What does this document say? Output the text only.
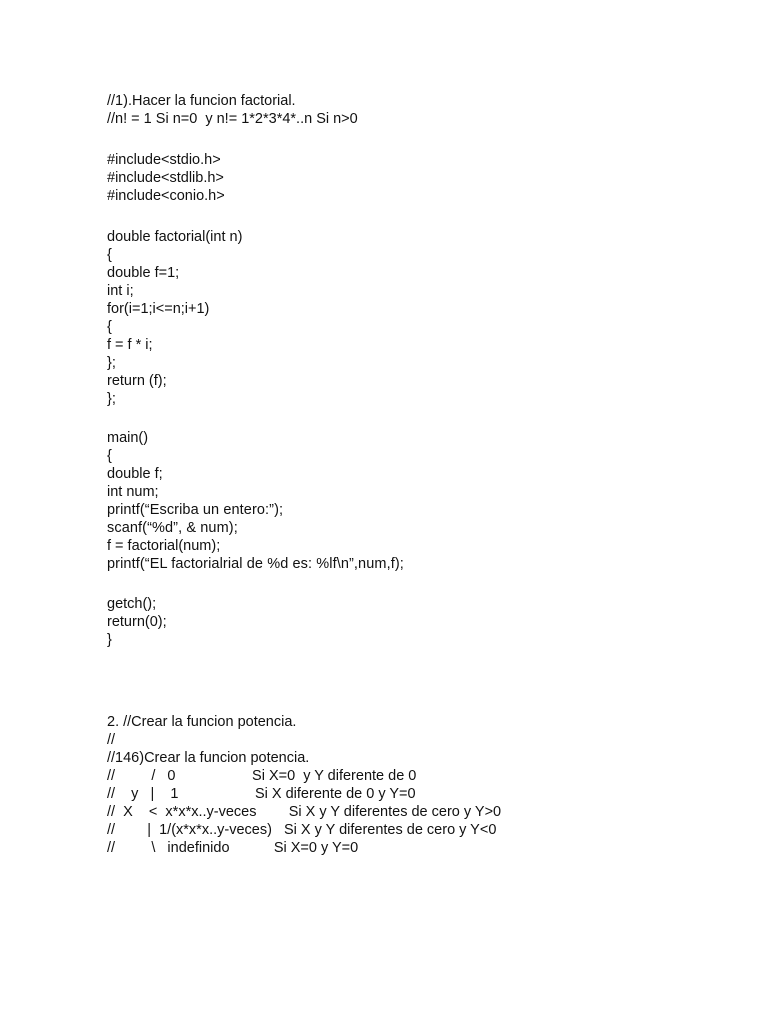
//1).Hacer la funcion factorial.
//n! = 1 Si n=0  y n!= 1*2*3*4*..n Si n>0
#include<stdio.h>
#include<stdlib.h>
#include<conio.h>
double factorial(int n)
{
double f=1;
int i;
for(i=1;i<=n;i+1)
{
f = f * i;
};
return (f);
};
main()
{
double f;
int num;
printf(“Escriba un entero:”);
scanf(“%d”, & num);
f = factorial(num);
printf(“EL factorialrial de %d es: %lf\n”,num,f);
getch();
return(0);
}
2. //Crear la funcion potencia.
//
//146)Crear la funcion potencia.
//         /   0                   Si X=0  y Y diferente de 0
//    y   |    1                   Si X diferente de 0 y Y=0
//  X    <  x*x*x..y-veces        Si X y Y diferentes de cero y Y>0
//        |  1/(x*x*x..y-veces)   Si X y Y diferentes de cero y Y<0
//         \   indefinido           Si X=0 y Y=0
